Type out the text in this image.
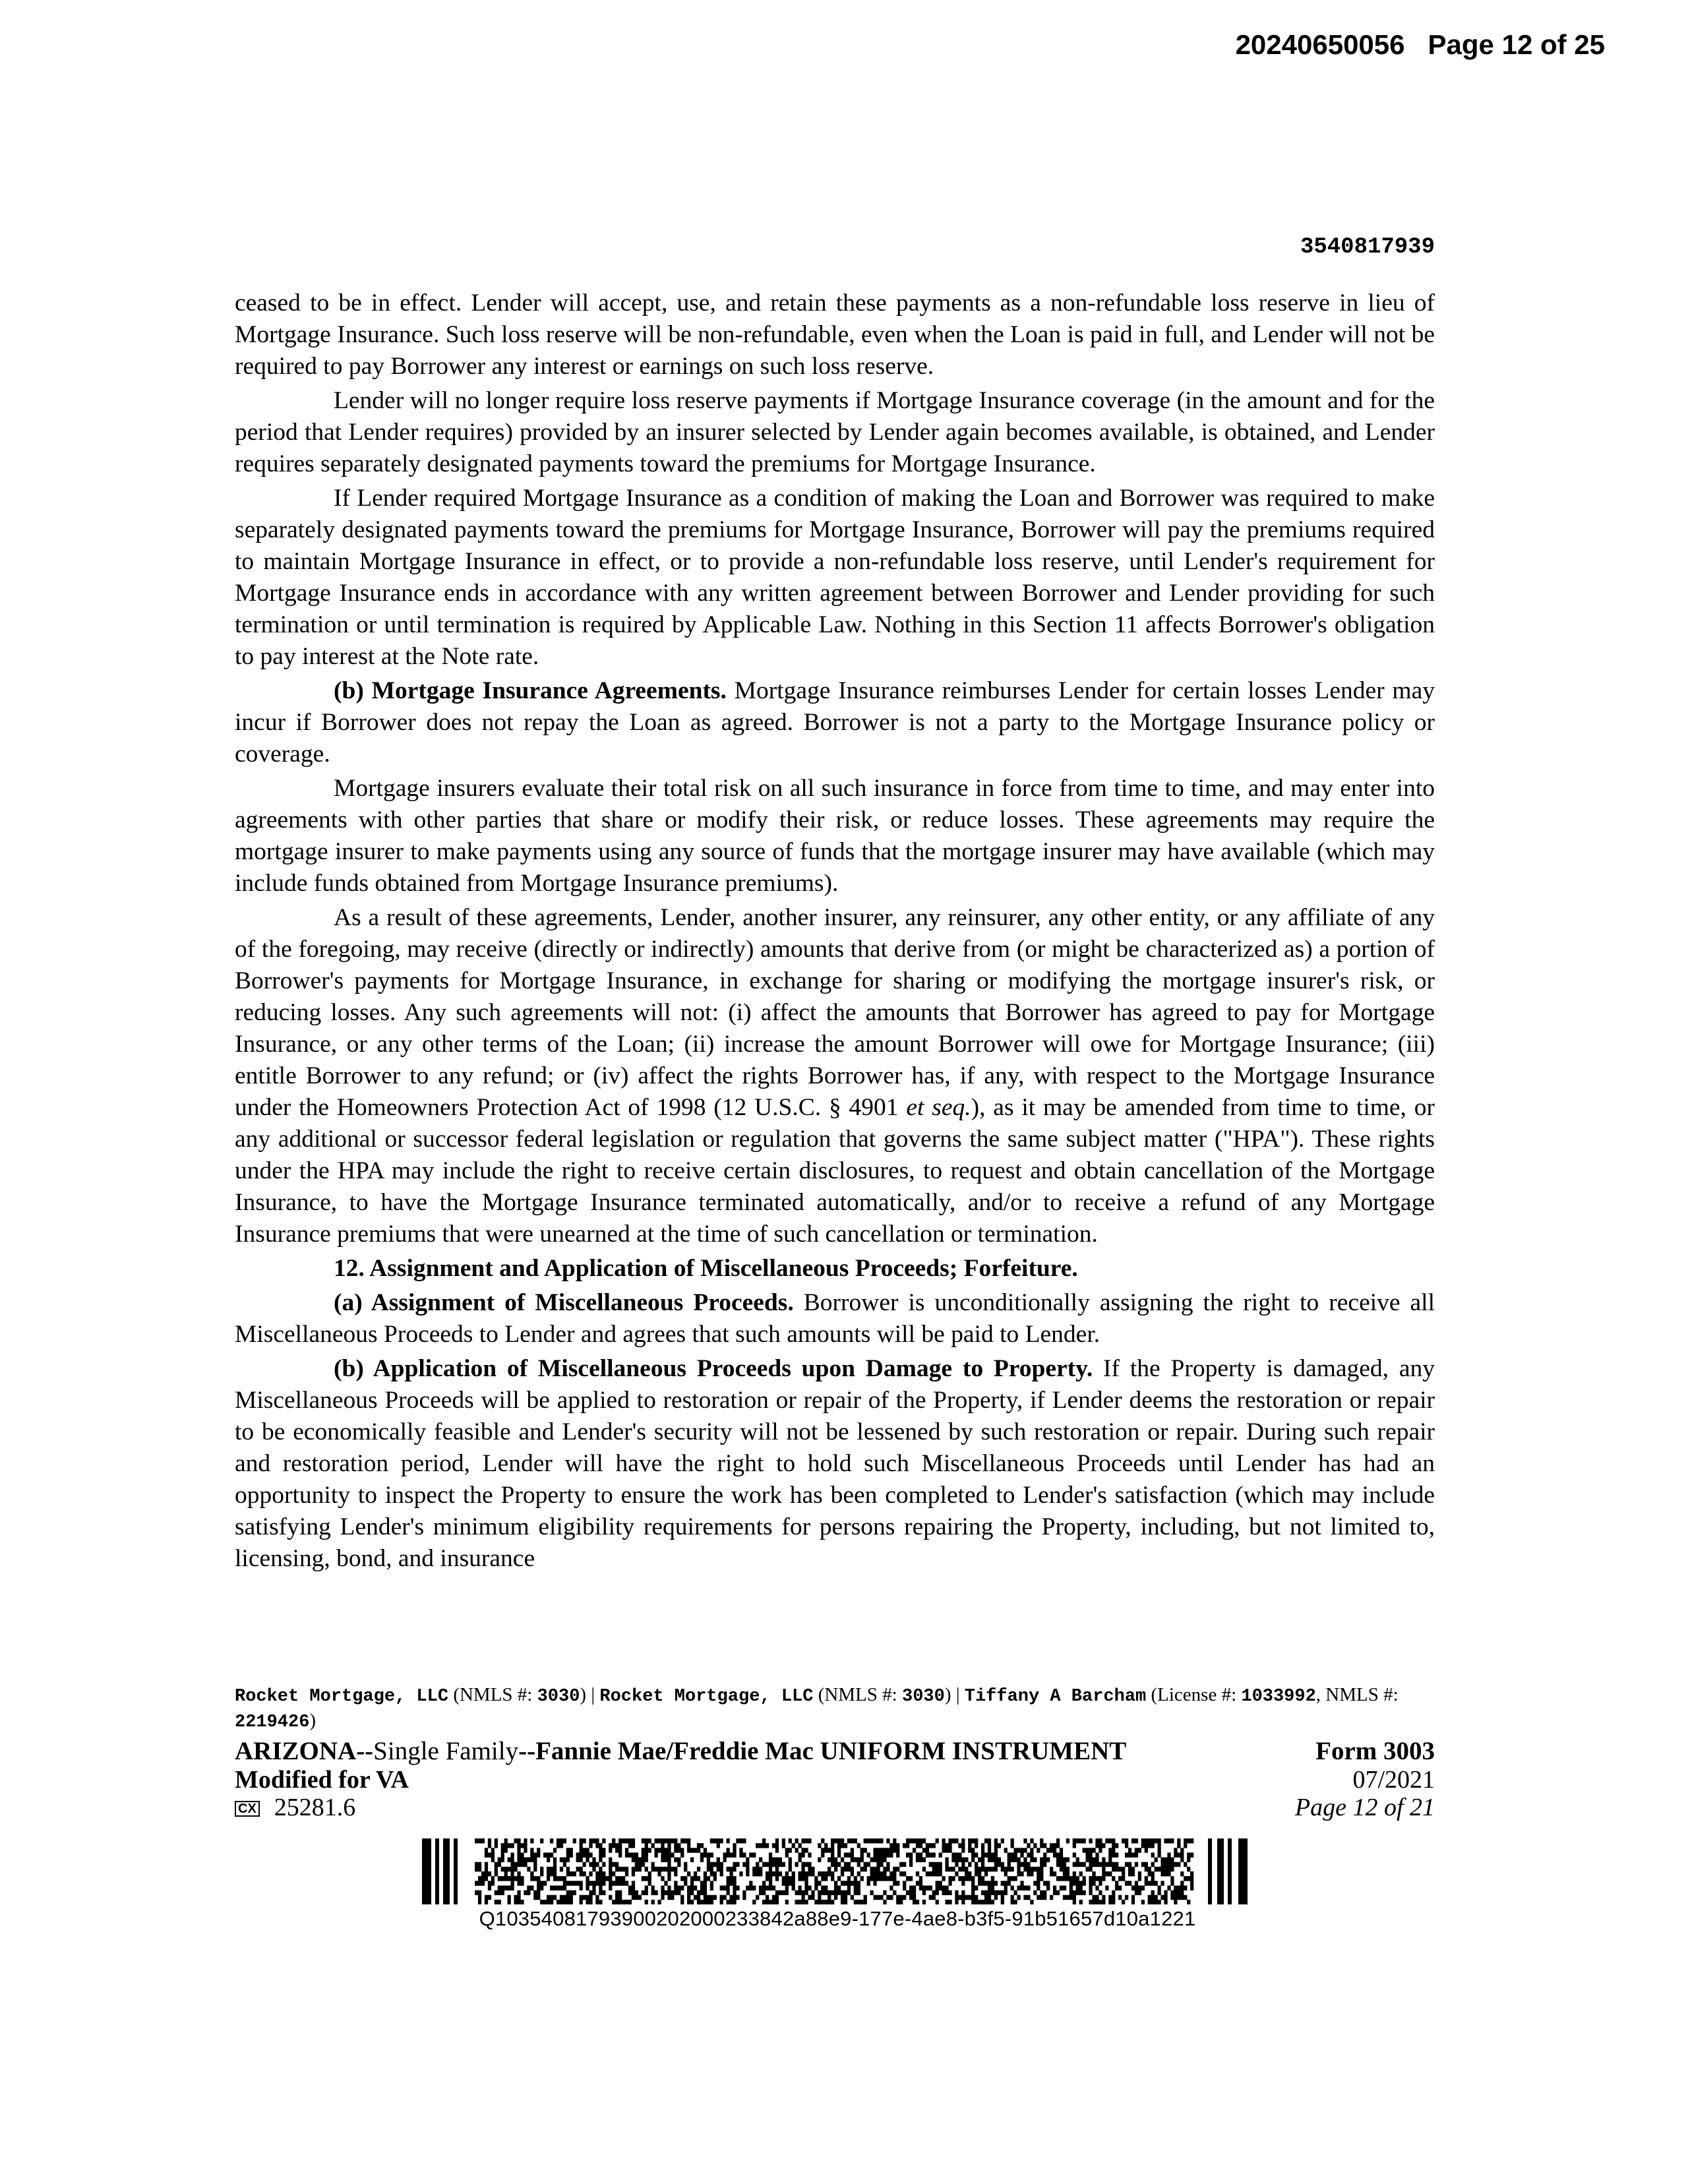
20240650056 Page 12 of 25
3540817939

ceased to be in effect. Lender will accept, use, and retain these payments as a non-refundable loss reserve in lieu of Mortgage Insurance. Such loss reserve will be non-refundable, even when the Loan is paid in full, and Lender will not be required to pay Borrower any interest or earnings on such loss reserve.

Lender will no longer require loss reserve payments if Mortgage Insurance coverage (in the amount and for the period that Lender requires) provided by an insurer selected by Lender again becomes available, is obtained, and Lender requires separately designated payments toward the premiums for Mortgage Insurance.

If Lender required Mortgage Insurance as a condition of making the Loan and Borrower was required to make separately designated payments toward the premiums for Mortgage Insurance, Borrower will pay the premiums required to maintain Mortgage Insurance in effect, or to provide a non-refundable loss reserve, until Lender's requirement for Mortgage Insurance ends in accordance with any written agreement between Borrower and Lender providing for such termination or until termination is required by Applicable Law. Nothing in this Section 11 affects Borrower's obligation to pay interest at the Note rate.

(b) Mortgage Insurance Agreements. Mortgage Insurance reimburses Lender for certain losses Lender may incur if Borrower does not repay the Loan as agreed. Borrower is not a party to the Mortgage Insurance policy or coverage.

Mortgage insurers evaluate their total risk on all such insurance in force from time to time, and may enter into agreements with other parties that share or modify their risk, or reduce losses. These agreements may require the mortgage insurer to make payments using any source of funds that the mortgage insurer may have available (which may include funds obtained from Mortgage Insurance premiums).

As a result of these agreements, Lender, another insurer, any reinsurer, any other entity, or any affiliate of any of the foregoing, may receive (directly or indirectly) amounts that derive from (or might be characterized as) a portion of Borrower's payments for Mortgage Insurance, in exchange for sharing or modifying the mortgage insurer's risk, or reducing losses. Any such agreements will not: (i) affect the amounts that Borrower has agreed to pay for Mortgage Insurance, or any other terms of the Loan; (ii) increase the amount Borrower will owe for Mortgage Insurance; (iii) entitle Borrower to any refund; or (iv) affect the rights Borrower has, if any, with respect to the Mortgage Insurance under the Homeowners Protection Act of 1998 (12 U.S.C. § 4901 et seq.), as it may be amended from time to time, or any additional or successor federal legislation or regulation that governs the same subject matter ("HPA"). These rights under the HPA may include the right to receive certain disclosures, to request and obtain cancellation of the Mortgage Insurance, to have the Mortgage Insurance terminated automatically, and/or to receive a refund of any Mortgage Insurance premiums that were unearned at the time of such cancellation or termination.

12. Assignment and Application of Miscellaneous Proceeds; Forfeiture.

(a) Assignment of Miscellaneous Proceeds. Borrower is unconditionally assigning the right to receive all Miscellaneous Proceeds to Lender and agrees that such amounts will be paid to Lender.

(b) Application of Miscellaneous Proceeds upon Damage to Property. If the Property is damaged, any Miscellaneous Proceeds will be applied to restoration or repair of the Property, if Lender deems the restoration or repair to be economically feasible and Lender's security will not be lessened by such restoration or repair. During such repair and restoration period, Lender will have the right to hold such Miscellaneous Proceeds until Lender has had an opportunity to inspect the Property to ensure the work has been completed to Lender's satisfaction (which may include satisfying Lender's minimum eligibility requirements for persons repairing the Property, including, but not limited to, licensing, bond, and insurance

Rocket Mortgage, LLC (NMLS #: 3030) | Rocket Mortgage, LLC (NMLS #: 3030) | Tiffany A Barcham (License #: 1033992, NMLS #: 2219426)
ARIZONA--Single Family--Fannie Mae/Freddie Mac UNIFORM INSTRUMENT	Form 3003
Modified for VA	07/2021
CX 25281.6	Page 12 of 21
Q10354081793900202000233842a88e9-177e-4ae8-b3f5-91b51657d10a1221
